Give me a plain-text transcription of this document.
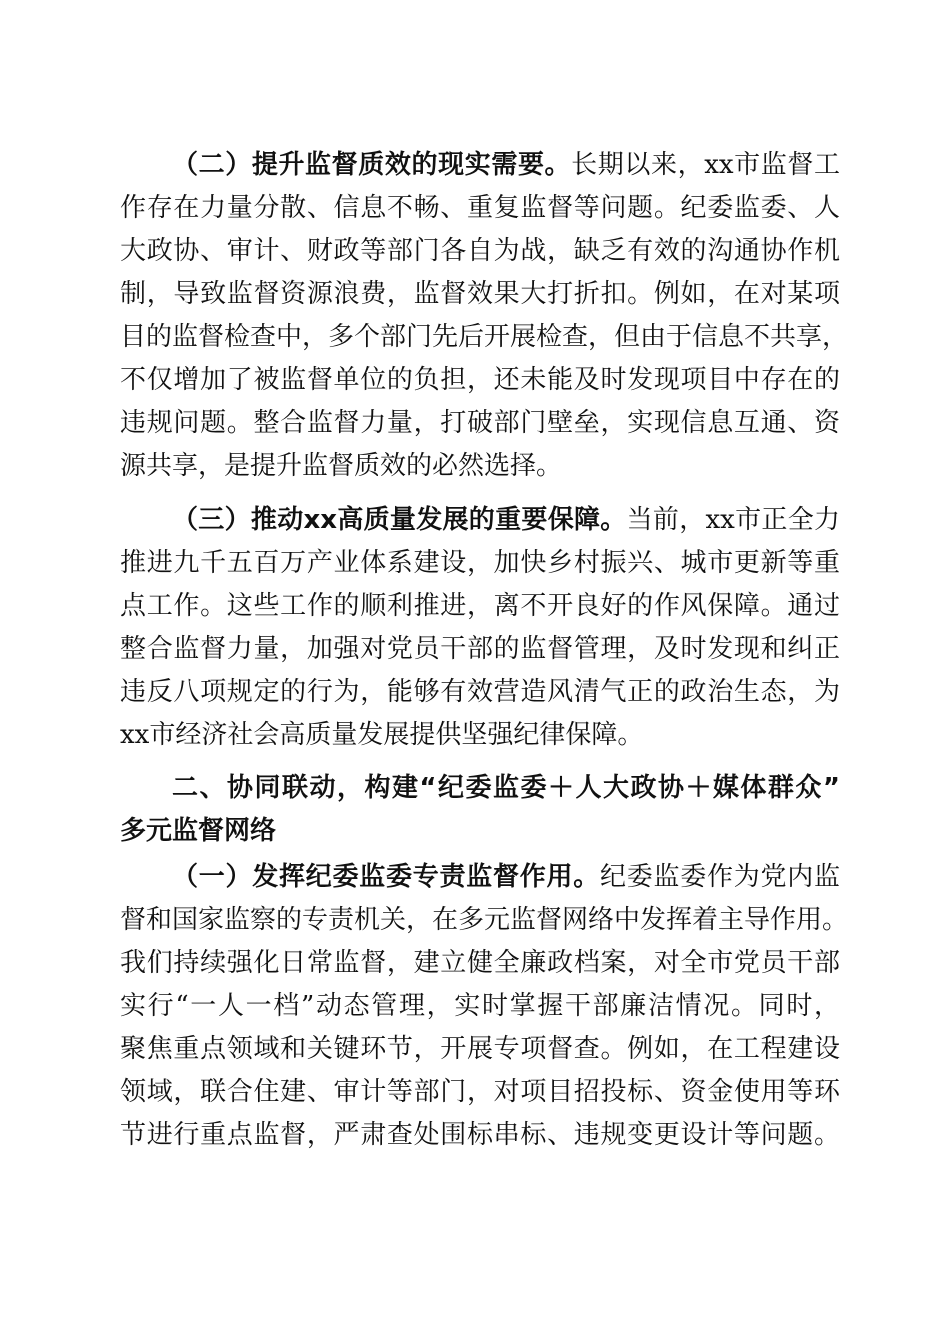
（二）提升监督质效的现实需要。长期以来，xx市监督工
作存在力量分散、信息不畅、重复监督等问题。纪委监委、人
大政协、审计、财政等部门各自为战，缺乏有效的沟通协作机
制，导致监督资源浪费，监督效果大打折扣。例如，在对某项
目的监督检查中，多个部门先后开展检查，但由于信息不共享，
不仅增加了被监督单位的负担，还未能及时发现项目中存在的
违规问题。整合监督力量，打破部门壁垒，实现信息互通、资
源共享，是提升监督质效的必然选择。
（三）推动xx高质量发展的重要保障。当前，xx市正全力
推进九千五百万产业体系建设，加快乡村振兴、城市更新等重
点工作。这些工作的顺利推进，离不开良好的作风保障。通过
整合监督力量，加强对党员干部的监督管理，及时发现和纠正
违反八项规定的行为，能够有效营造风清气正的政治生态，为
xx市经济社会高质量发展提供坚强纪律保障。
二、协同联动，构建“纪委监委＋人大政协＋媒体群众”
多元监督网络
（一）发挥纪委监委专责监督作用。纪委监委作为党内监
督和国家监察的专责机关，在多元监督网络中发挥着主导作用。
我们持续强化日常监督，建立健全廉政档案，对全市党员干部
实行“一人一档”动态管理，实时掌握干部廉洁情况。同时，
聚焦重点领域和关键环节，开展专项督查。例如，在工程建设
领域，联合住建、审计等部门，对项目招投标、资金使用等环
节进行重点监督，严肃查处围标串标、违规变更设计等问题。
